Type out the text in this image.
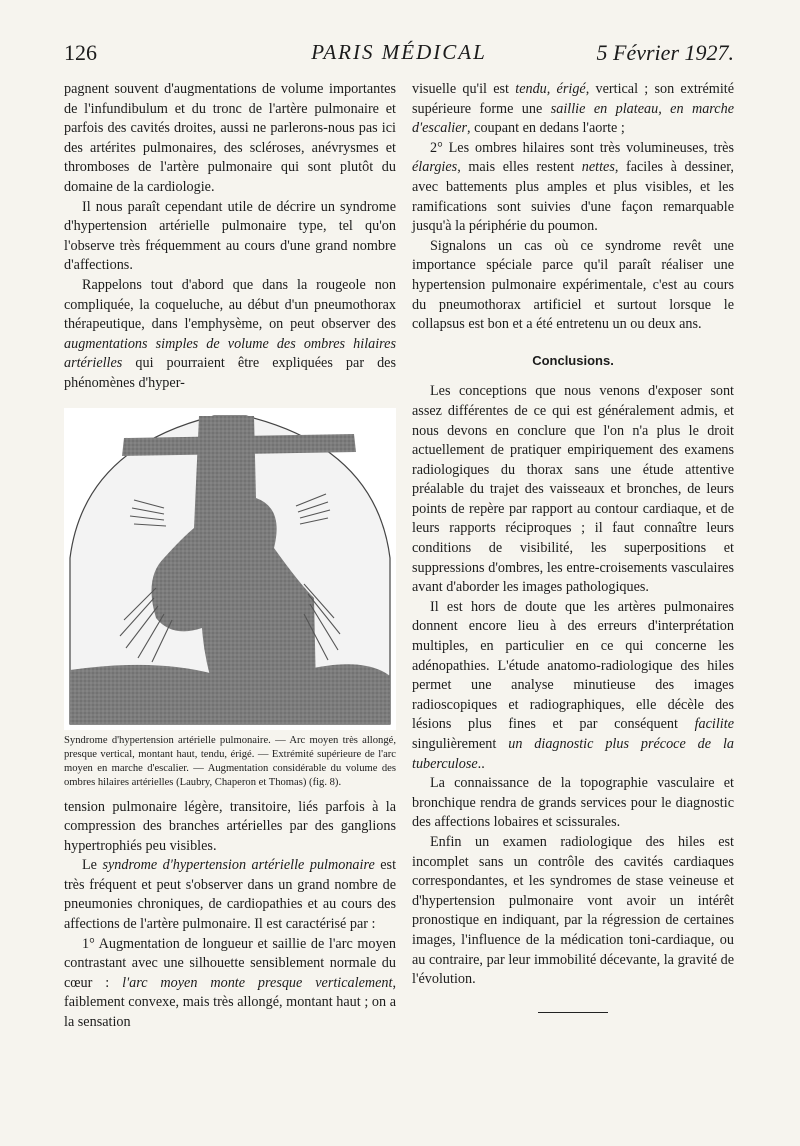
126	PARIS MÉDICAL	5 Février 1927.

pagnent souvent d'augmentations de volume importantes de l'infundibulum et du tronc de l'artère pulmonaire et parfois des cavités droites, aussi ne parlerons-nous pas ici des artérites pulmonaires, des scléroses, anévrysmes et thromboses de l'artère pulmonaire qui sont plutôt du domaine de la cardiologie.

Il nous paraît cependant utile de décrire un syndrome d'hypertension artérielle pulmonaire type, tel qu'on l'observe très fréquemment au cours d'une grand nombre d'affections.

Rappelons tout d'abord que dans la rougeole non compliquée, la coqueluche, au début d'un pneumothorax thérapeutique, dans l'emphysème, on peut observer des augmentations simples de volume des ombres hilaires artérielles qui pourraient être expliquées par des phénomènes d'hyper-

Syndrome d'hypertension artérielle pulmonaire. — Arc moyen très allongé, presque vertical, montant haut, tendu, érigé. — Extrémité supérieure de l'arc moyen en marche d'escalier. — Augmentation considérable du volume des ombres hilaires artérielles (Laubry, Chaperon et Thomas) (fig. 8).

tension pulmonaire légère, transitoire, liés parfois à la compression des branches artérielles par des ganglions hypertrophiés peu visibles.

Le syndrome d'hypertension artérielle pulmonaire est très fréquent et peut s'observer dans un grand nombre de pneumonies chroniques, de cardiopathies et au cours des affections de l'artère pulmonaire. Il est caractérisé par :

1° Augmentation de longueur et saillie de l'arc moyen contrastant avec une silhouette sensiblement normale du cœur : l'arc moyen monte presque verticalement, faiblement convexe, mais très allongé, montant haut ; on a la sensation

visuelle qu'il est tendu, érigé, vertical ; son extrémité supérieure forme une saillie en plateau, en marche d'escalier, coupant en dedans l'aorte ;

2° Les ombres hilaires sont très volumineuses, très élargies, mais elles restent nettes, faciles à dessiner, avec battements plus amples et plus visibles, et les ramifications sont suivies d'une façon remarquable jusqu'à la périphérie du poumon.

Signalons un cas où ce syndrome revêt une importance spéciale parce qu'il paraît réaliser une hypertension pulmonaire expérimentale, c'est au cours du pneumothorax artificiel et surtout lorsque le collapsus est bon et a été entretenu un ou deux ans.

Conclusions.

Les conceptions que nous venons d'exposer sont assez différentes de ce qui est généralement admis, et nous devons en conclure que l'on n'a plus le droit actuellement de pratiquer empiriquement des examens radiologiques du thorax sans une étude attentive préalable du trajet des vaisseaux et bronches, de leurs points de repère par rapport au contour cardiaque, et de leurs rapports réciproques ; il faut connaître leurs conditions de visibilité, les superpositions et suppressions d'ombres, les entre-croisements vasculaires avant d'aborder les images pathologiques.

Il est hors de doute que les artères pulmonaires donnent encore lieu à des erreurs d'interprétation multiples, en particulier en ce qui concerne les adénopathies. L'étude anatomo-radiologique des hiles permet une analyse minutieuse des images radioscopiques et radiographiques, elle décèle des lésions plus fines et par conséquent facilite singulièrement un diagnostic plus précoce de la tuberculose..

La connaissance de la topographie vasculaire et bronchique rendra de grands services pour le diagnostic des affections lobaires et scissurales.

Enfin un examen radiologique des hiles est incomplet sans un contrôle des cavités cardiaques correspondantes, et les syndromes de stase veineuse et d'hypertension pulmonaire vont avoir un intérêt pronostique en indiquant, par la régression de certaines images, l'influence de la médication toni-cardiaque, ou au contraire, par leur immobilité décevante, la gravité de l'évolution.
